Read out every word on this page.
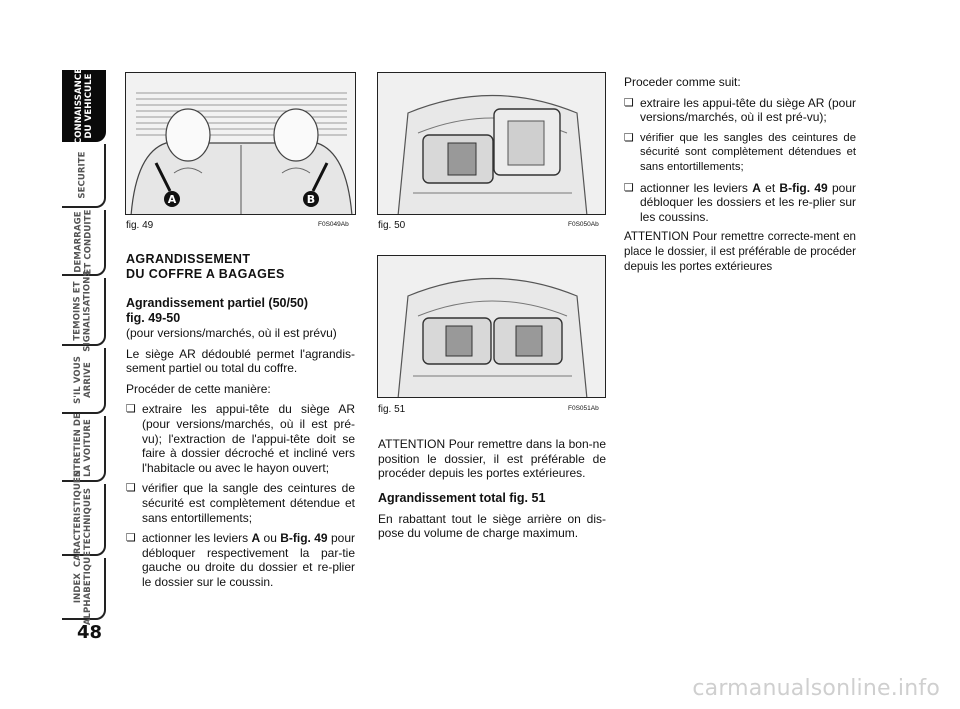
CONNAISSANCE
DU VEHICULE
SECURITE
DEMARRAGE
ET CONDUITE
TEMOINS ET
SIGNALISATIONS
S'IL VOUS
ARRIVE
ENTRETIEN DE
LA VOITURE
CARACTERISTIQUES
TECHNIQUES
INDEX
ALPHABETIQUE
48
A	B
fig. 49	F0S049Ab	fig. 50	F0S050Ab
fig. 51	F0S051Ab
AGRANDISSEMENT
DU COFFRE A BAGAGES
Agrandissement partiel (50/50)
fig. 49-50

(pour versions/marchés, où il est prévu)

Le siège AR dédoublé permet l'agrandis-sement partiel ou total du coffre.

Procéder de cette manière:

❏ extraire les appui-tête du siège AR (pour versions/marchés, où il est pré-vu); l'extraction de l'appui-tête doit se faire à dossier décroché et incliné vers l'habitacle ou avec le hayon ouvert;
❏ vérifier que la sangle des ceintures de sécurité est complètement détendue et sans entortillements;
❏ actionner les leviers A ou B-fig. 49 pour débloquer respectivement la par-tie gauche ou droite du dossier et re-plier le dossier sur le coussin.

ATTENTION Pour remettre dans la bon-ne position le dossier, il est préférable de procéder depuis les portes extérieures.

Agrandissement total fig. 51

En rabattant tout le siège arrière on dis-pose du volume de charge maximum.

Proceder comme suit:

❏ extraire les appui-tête du siège AR (pour versions/marchés, où il est pré-vu);
❏ vérifier que les sangles des ceintures de sécurité sont complètement détendues et sans entortillements;
❏ actionner les leviers A et B-fig. 49 pour débloquer les dossiers et les re-plier sur les coussins.

ATTENTION Pour remettre correcte-ment en place le dossier, il est préférable de procéder depuis les portes extérieures

carmanualsonline.info
